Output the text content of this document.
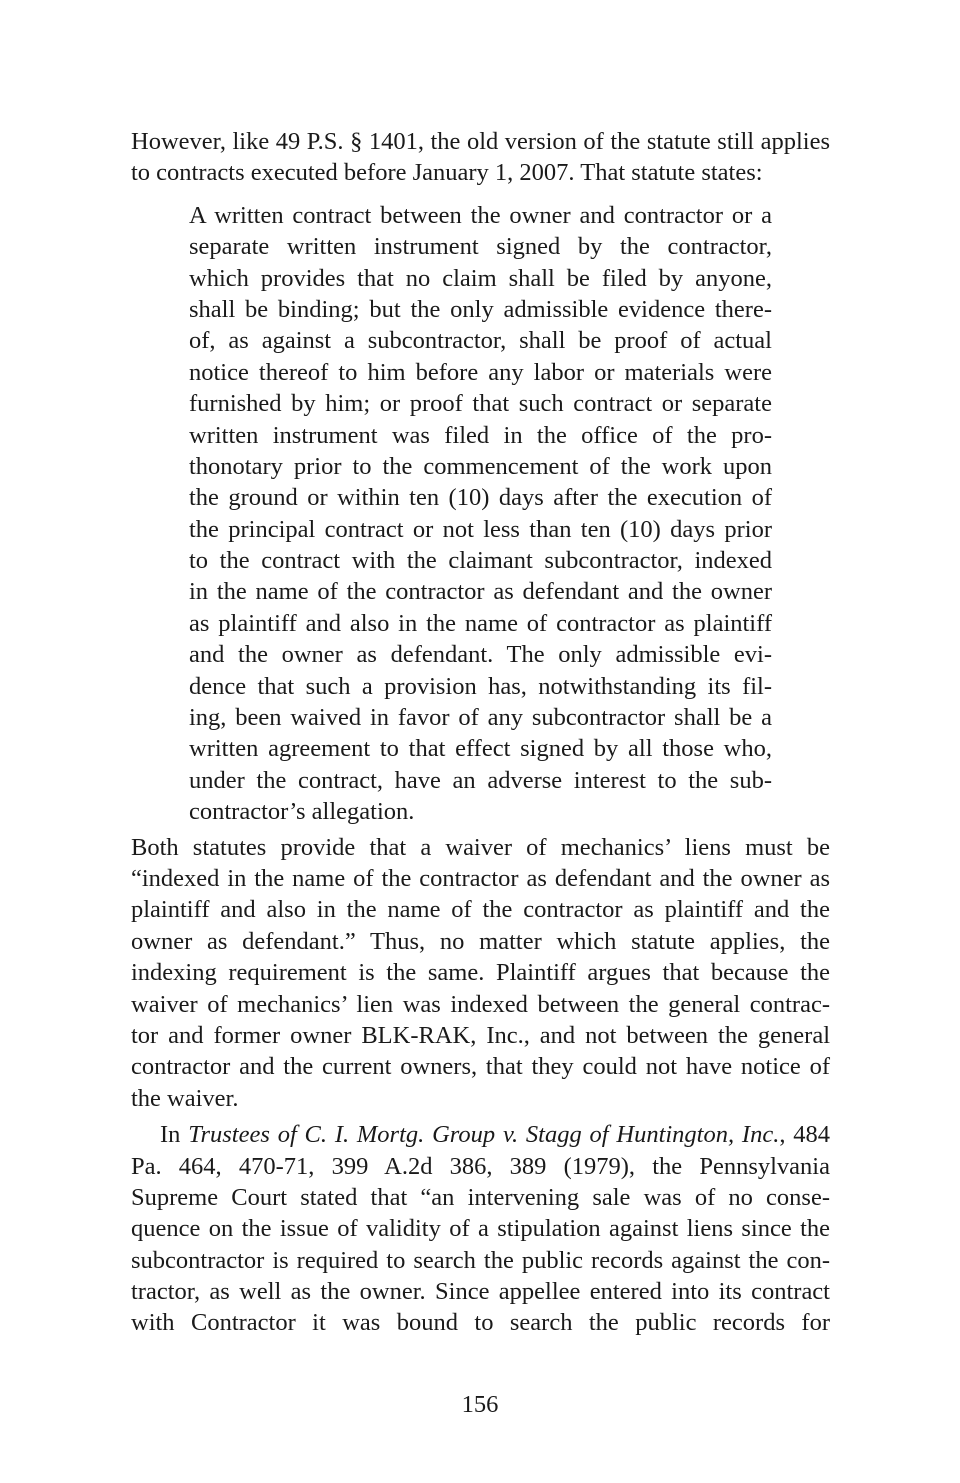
However, like 49 P.S. § 1401, the old version of the statute still applies
to contracts executed before January 1, 2007. That statute states:
A written contract between the owner and contractor or a
separate written instrument signed by the contractor,
which provides that no claim shall be filed by anyone,
shall be binding; but the only admissible evidence there-
of, as against a subcontractor, shall be proof of actual
notice thereof to him before any labor or materials were
furnished by him; or proof that such contract or separate
written instrument was filed in the office of the pro-
thonotary prior to the commencement of the work upon
the ground or within ten (10) days after the execution of
the principal contract or not less than ten (10) days prior
to the contract with the claimant subcontractor, indexed
in the name of the contractor as defendant and the owner
as plaintiff and also in the name of contractor as plaintiff
and the owner as defendant. The only admissible evi-
dence that such a provision has, notwithstanding its fil-
ing, been waived in favor of any subcontractor shall be a
written agreement to that effect signed by all those who,
under the contract, have an adverse interest to the sub-
contractor’s allegation.
Both statutes provide that a waiver of mechanics’ liens must be
“indexed in the name of the contractor as defendant and the owner as
plaintiff and also in the name of the contractor as plaintiff and the
owner as defendant.” Thus, no matter which statute applies, the
indexing requirement is the same. Plaintiff argues that because the
waiver of mechanics’ lien was indexed between the general contrac-
tor and former owner BLK-RAK, Inc., and not between the general
contractor and the current owners, that they could not have notice of
the waiver.
In Trustees of C. I. Mortg. Group v. Stagg of Huntington, Inc., 484
Pa. 464, 470-71, 399 A.2d 386, 389 (1979), the Pennsylvania
Supreme Court stated that “an intervening sale was of no conse-
quence on the issue of validity of a stipulation against liens since the
subcontractor is required to search the public records against the con-
tractor, as well as the owner. Since appellee entered into its contract
with Contractor it was bound to search the public records for
156
